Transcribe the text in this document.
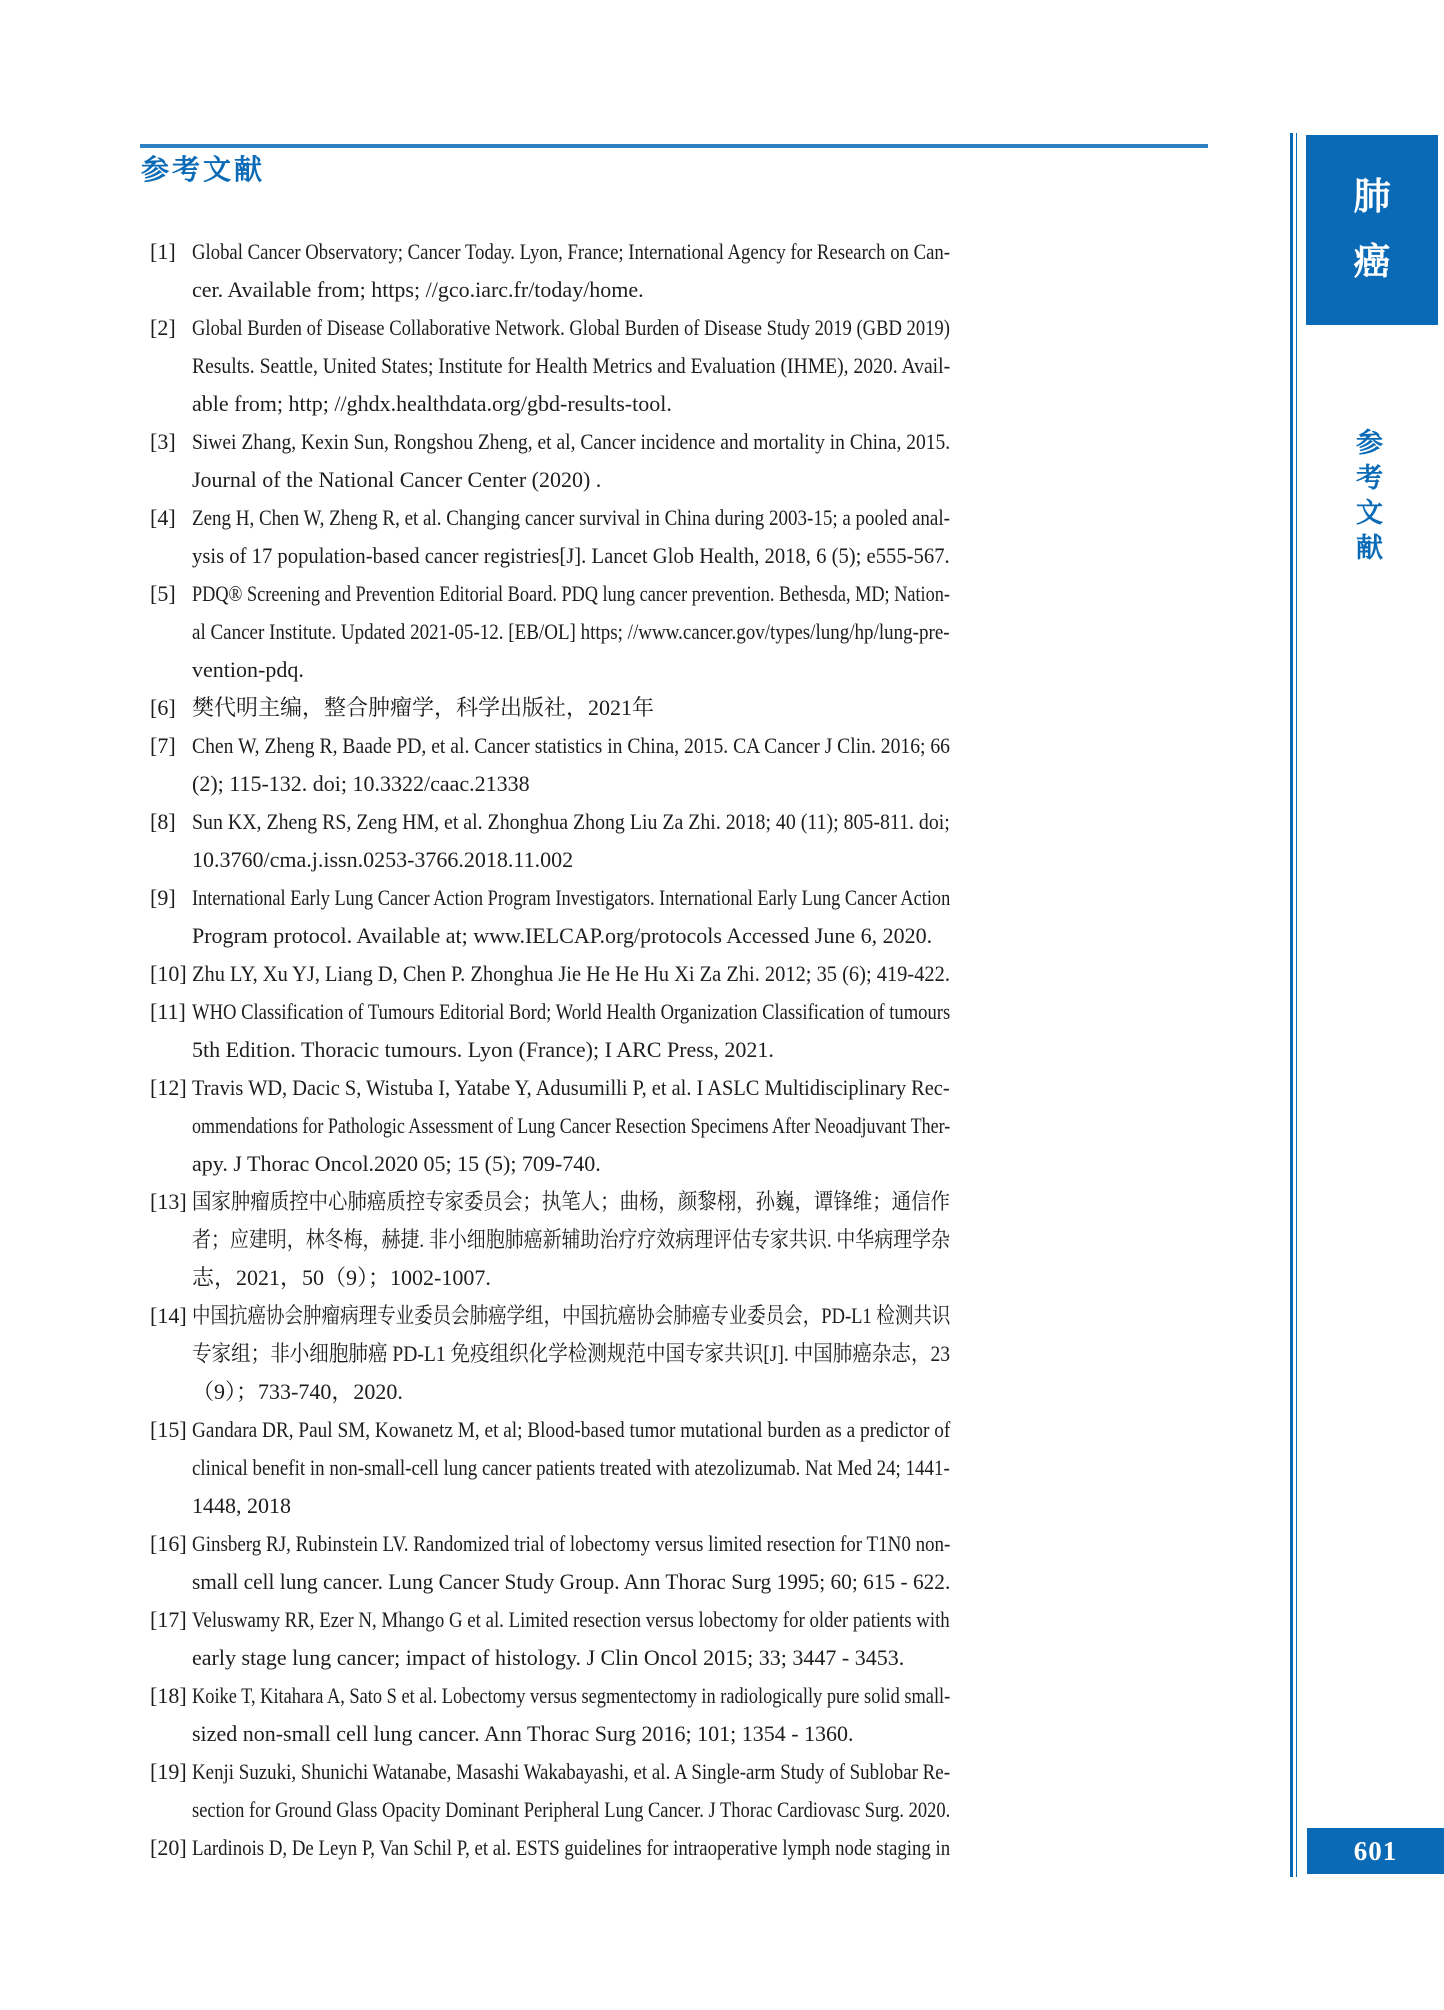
参考文献
[1] Global Cancer Observatory; Cancer Today. Lyon, France; International Agency for Research on Can-
cer. Available from; https; //gco.iarc.fr/today/home.
[2] Global Burden of Disease Collaborative Network. Global Burden of Disease Study 2019 (GBD 2019)
Results. Seattle, United States; Institute for Health Metrics and Evaluation (IHME), 2020. Avail-
able from; http; //ghdx.healthdata.org/gbd-results-tool.
[3] Siwei Zhang, Kexin Sun, Rongshou Zheng, et al, Cancer incidence and mortality in China, 2015.
Journal of the National Cancer Center (2020) .
[4] Zeng H, Chen W, Zheng R, et al. Changing cancer survival in China during 2003-15; a pooled anal-
ysis of 17 population-based cancer registries[J]. Lancet Glob Health, 2018, 6 (5); e555-567.
[5] PDQ® Screening and Prevention Editorial Board. PDQ lung cancer prevention. Bethesda, MD; Nation-
al Cancer Institute. Updated 2021-05-12. [EB/OL] https; //www.cancer.gov/types/lung/hp/lung-pre-
vention-pdq.
[6] 樊代明主编，整合肿瘤学，科学出版社，2021年
[7] Chen W, Zheng R, Baade PD, et al. Cancer statistics in China, 2015. CA Cancer J Clin. 2016; 66
(2); 115-132. doi; 10.3322/caac.21338
[8] Sun KX, Zheng RS, Zeng HM, et al. Zhonghua Zhong Liu Za Zhi. 2018; 40 (11); 805-811. doi;
10.3760/cma.j.issn.0253-3766.2018.11.002
[9] International Early Lung Cancer Action Program Investigators. International Early Lung Cancer Action
Program protocol. Available at; www.IELCAP.org/protocols Accessed June 6, 2020.
[10] Zhu LY, Xu YJ, Liang D, Chen P. Zhonghua Jie He He Hu Xi Za Zhi. 2012; 35 (6); 419-422.
[11] WHO Classification of Tumours Editorial Bord; World Health Organization Classification of tumours
5th Edition. Thoracic tumours. Lyon (France); I ARC Press, 2021.
[12] Travis WD, Dacic S, Wistuba I, Yatabe Y, Adusumilli P, et al. I ASLC Multidisciplinary Rec-
ommendations for Pathologic Assessment of Lung Cancer Resection Specimens After Neoadjuvant Ther-
apy. J Thorac Oncol.2020 05; 15 (5); 709-740.
[13] 国家肿瘤质控中心肺癌质控专家委员会；执笔人；曲杨，颜黎栩，孙巍，谭锋维；通信作
者；应建明，林冬梅，赫捷. 非小细胞肺癌新辅助治疗疗效病理评估专家共识. 中华病理学杂
志，2021，50（9）；1002-1007.
[14] 中国抗癌协会肿瘤病理专业委员会肺癌学组，中国抗癌协会肺癌专业委员会，PD-L1 检测共识
专家组；非小细胞肺癌 PD-L1 免疫组织化学检测规范中国专家共识[J]. 中国肺癌杂志，23
（9）；733-740，2020.
[15] Gandara DR, Paul SM, Kowanetz M, et al; Blood-based tumor mutational burden as a predictor of
clinical benefit in non-small-cell lung cancer patients treated with atezolizumab. Nat Med 24; 1441-
1448, 2018
[16] Ginsberg RJ, Rubinstein LV. Randomized trial of lobectomy versus limited resection for T1N0 non-
small cell lung cancer. Lung Cancer Study Group. Ann Thorac Surg 1995; 60; 615 - 622.
[17] Veluswamy RR, Ezer N, Mhango G et al. Limited resection versus lobectomy for older patients with
early stage lung cancer; impact of histology. J Clin Oncol 2015; 33; 3447 - 3453.
[18] Koike T, Kitahara A, Sato S et al. Lobectomy versus segmentectomy in radiologically pure solid small-
sized non-small cell lung cancer. Ann Thorac Surg 2016; 101; 1354 - 1360.
[19] Kenji Suzuki, Shunichi Watanabe, Masashi Wakabayashi, et al. A Single-arm Study of Sublobar Re-
section for Ground Glass Opacity Dominant Peripheral Lung Cancer. J Thorac Cardiovasc Surg. 2020.
[20] Lardinois D, De Leyn P, Van Schil P, et al. ESTS guidelines for intraoperative lymph node staging in
肺
癌
参考文献
601
